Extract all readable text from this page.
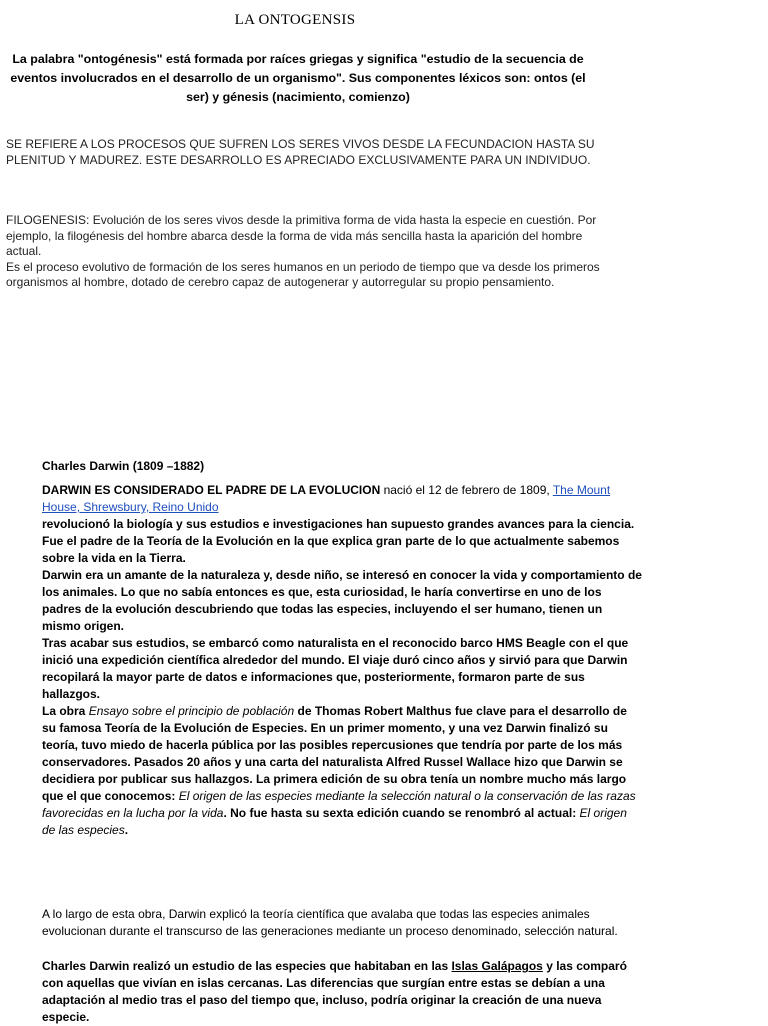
LA ONTOGENSIS
La palabra "ontogénesis" está formada por raíces griegas y significa "estudio de la secuencia de eventos involucrados en el desarrollo de un organismo". Sus componentes léxicos son: ontos (el ser) y génesis (nacimiento, comienzo)
SE REFIERE A LOS PROCESOS QUE SUFREN LOS SERES VIVOS DESDE LA FECUNDACION HASTA SU PLENITUD Y MADUREZ. ESTE DESARROLLO ES APRECIADO EXCLUSIVAMENTE PARA UN INDIVIDUO.

FILOGENESIS: Evolución de los seres vivos desde la primitiva forma de vida hasta la especie en cuestión. Por ejemplo, la filogénesis del hombre abarca desde la forma de vida más sencilla hasta la aparición del hombre actual.

Es el proceso evolutivo de formación de los seres humanos en un periodo de tiempo que va desde los primeros organismos al hombre, dotado de cerebro capaz de autogenerar y autorregular su propio pensamiento.

Charles Darwin (1809 –1882)

DARWIN ES CONSIDERADO EL PADRE DE LA EVOLUCION nació el 12 de febrero de 1809, The Mount House, Shrewsbury, Reino Unido
revolucionó la biología y sus estudios e investigaciones han supuesto grandes avances para la ciencia. Fue el padre de la Teoría de la Evolución en la que explica gran parte de lo que actualmente sabemos sobre la vida en la Tierra.

Darwin era un amante de la naturaleza y, desde niño, se interesó en conocer la vida y comportamiento de los animales. Lo que no sabía entonces es que, esta curiosidad, le haría convertirse en uno de los padres de la evolución descubriendo que todas las especies, incluyendo el ser humano, tienen un mismo origen.

Tras acabar sus estudios, se embarcó como naturalista en el reconocido barco HMS Beagle con el que inició una expedición científica alrededor del mundo. El viaje duró cinco años y sirvió para que Darwin recopilará la mayor parte de datos e informaciones que, posteriormente, formaron parte de sus hallazgos.

La obra Ensayo sobre el principio de población de Thomas Robert Malthus fue clave para el desarrollo de su famosa Teoría de la Evolución de Especies. En un primer momento, y una vez Darwin finalizó su teoría, tuvo miedo de hacerla pública por las posibles repercusiones que tendría por parte de los más conservadores. Pasados 20 años y una carta del naturalista Alfred Russel Wallace hizo que Darwin se decidiera por publicar sus hallazgos. La primera edición de su obra tenía un nombre mucho más largo que el que conocemos: El origen de las especies mediante la selección natural o la conservación de las razas favorecidas en la lucha por la vida. No fue hasta su sexta edición cuando se renombró al actual: El origen de las especies.

A lo largo de esta obra, Darwin explicó la teoría científica que avalaba que todas las especies animales evolucionan durante el transcurso de las generaciones mediante un proceso denominado, selección natural.
Charles Darwin realizó un estudio de las especies que habitaban en las Islas Galápagos y las comparó con aquellas que vivían en islas cercanas. Las diferencias que surgían entre estas se debían a una adaptación al medio tras el paso del tiempo que, incluso, podría originar la creación de una nueva especie.
